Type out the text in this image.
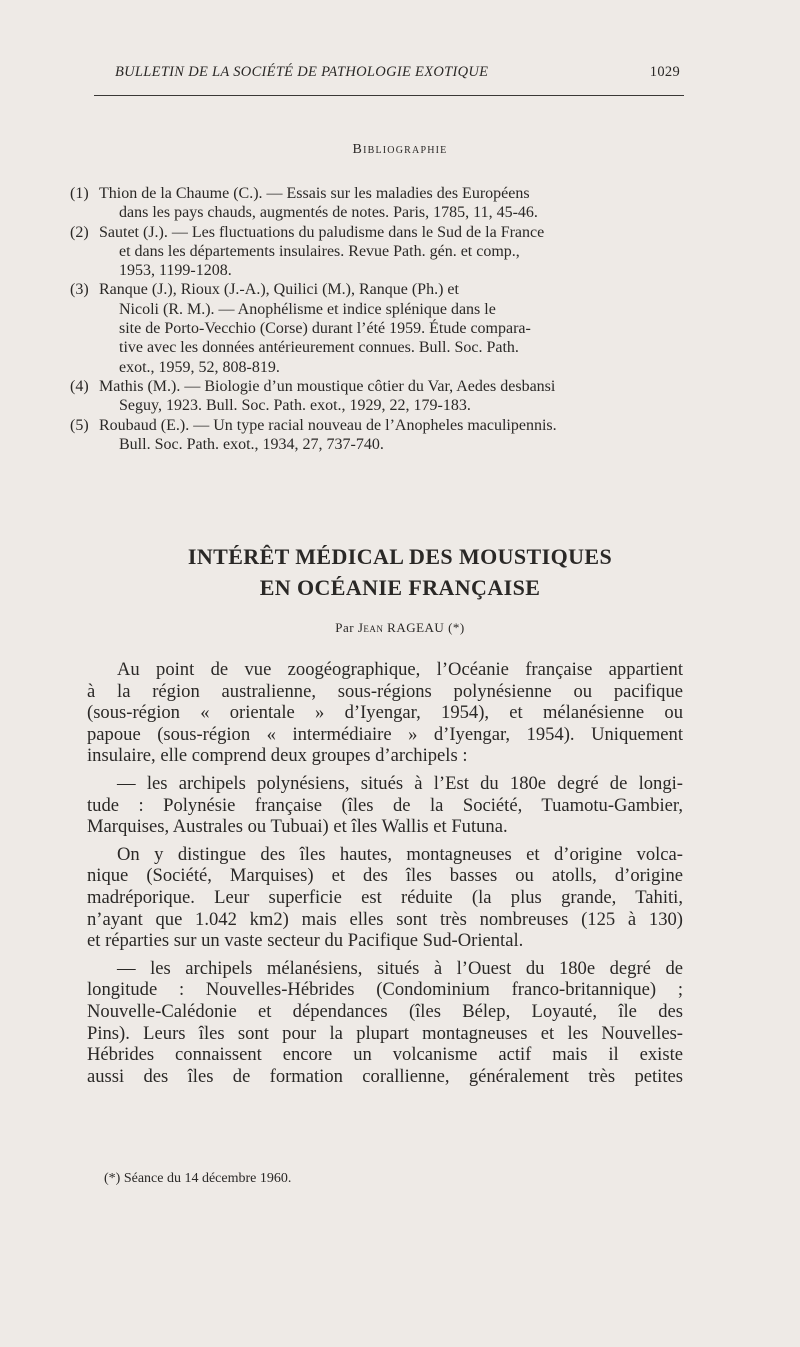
BULLETIN DE LA SOCIÉTÉ DE PATHOLOGIE EXOTIQUE	1029
Bibliographie
(1) Thion de la Chaume (C.). — Essais sur les maladies des Européens
dans les pays chauds, augmentés de notes. Paris, 1785, 11, 45-46.
(2) Sautet (J.). — Les fluctuations du paludisme dans le Sud de la France
et dans les départements insulaires. Revue Path. gén. et comp.,
1953, 1199-1208.
(3) Ranque (J.), Rioux (J.-A.), Quilici (M.), Ranque (Ph.) et
Nicoli (R. M.). — Anophélisme et indice splénique dans le
site de Porto-Vecchio (Corse) durant l’été 1959. Étude compara-
tive avec les données antérieurement connues. Bull. Soc. Path.
exot., 1959, 52, 808-819.
(4) Mathis (M.). — Biologie d’un moustique côtier du Var, Aedes desbansi
Seguy, 1923. Bull. Soc. Path. exot., 1929, 22, 179-183.
(5) Roubaud (E.). — Un type racial nouveau de l’Anopheles maculipennis.
Bull. Soc. Path. exot., 1934, 27, 737-740.
INTÉRÊT MÉDICAL DES MOUSTIQUES
EN OCÉANIE FRANÇAISE
Par Jean RAGEAU (*)
Au point de vue zoogéographique, l’Océanie française appartient
à la région australienne, sous-régions polynésienne ou pacifique
(sous-région « orientale » d’Iyengar, 1954), et mélanésienne ou
papoue (sous-région « intermédiaire » d’Iyengar, 1954). Uniquement
insulaire, elle comprend deux groupes d’archipels :
— les archipels polynésiens, situés à l’Est du 180e degré de longi-
tude : Polynésie française (îles de la Société, Tuamotu-Gambier,
Marquises, Australes ou Tubuai) et îles Wallis et Futuna.
On y distingue des îles hautes, montagneuses et d’origine volca-
nique (Société, Marquises) et des îles basses ou atolls, d’origine
madréporique. Leur superficie est réduite (la plus grande, Tahiti,
n’ayant que 1.042 km2) mais elles sont très nombreuses (125 à 130)
et réparties sur un vaste secteur du Pacifique Sud-Oriental.
— les archipels mélanésiens, situés à l’Ouest du 180e degré de
longitude : Nouvelles-Hébrides (Condominium franco-britannique) ;
Nouvelle-Calédonie et dépendances (îles Bélep, Loyauté, île des
Pins). Leurs îles sont pour la plupart montagneuses et les Nouvelles-
Hébrides connaissent encore un volcanisme actif mais il existe
aussi des îles de formation corallienne, généralement très petites
(*) Séance du 14 décembre 1960.
